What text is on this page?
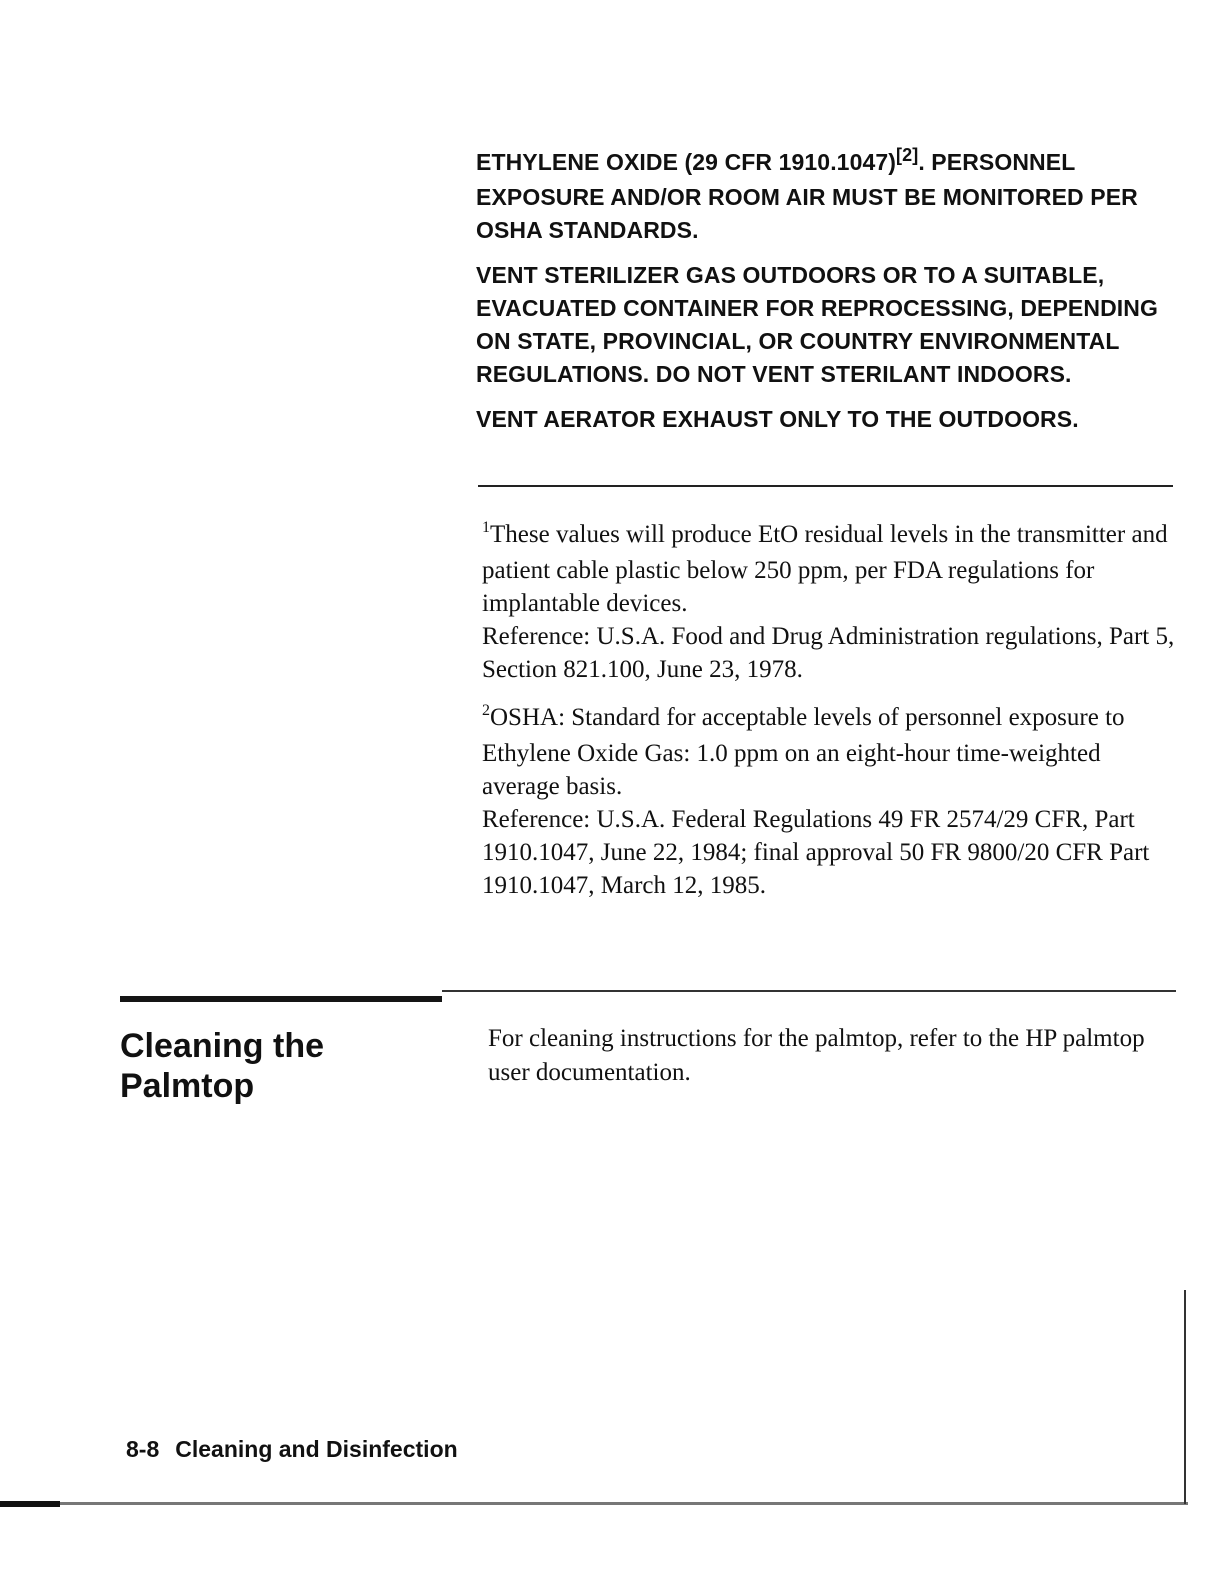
ETHYLENE OXIDE (29 CFR 1910.1047)[2]. PERSONNEL EXPOSURE AND/OR ROOM AIR MUST BE MONITORED PER OSHA STANDARDS.

VENT STERILIZER GAS OUTDOORS OR TO A SUITABLE, EVACUATED CONTAINER FOR REPROCESSING, DEPENDING ON STATE, PROVINCIAL, OR COUNTRY ENVIRONMENTAL REGULATIONS. DO NOT VENT STERILANT INDOORS.

VENT AERATOR EXHAUST ONLY TO THE OUTDOORS.

$^1$These values will produce EtO residual levels in the transmitter and patient cable plastic below 250 ppm, per FDA regulations for implantable devices.
Reference: U.S.A. Food and Drug Administration regulations, Part 5, Section 821.100, June 23, 1978.

$^2$OSHA: Standard for acceptable levels of personnel exposure to Ethylene Oxide Gas: 1.0 ppm on an eight-hour time-weighted average basis.
Reference: U.S.A. Federal Regulations 49 FR 2574/29 CFR, Part 1910.1047, June 22, 1984; final approval 50 FR 9800/20 CFR Part 1910.1047, March 12, 1985.

Cleaning the Palmtop

For cleaning instructions for the palmtop, refer to the HP palmtop user documentation.

8-8 Cleaning and Disinfection
